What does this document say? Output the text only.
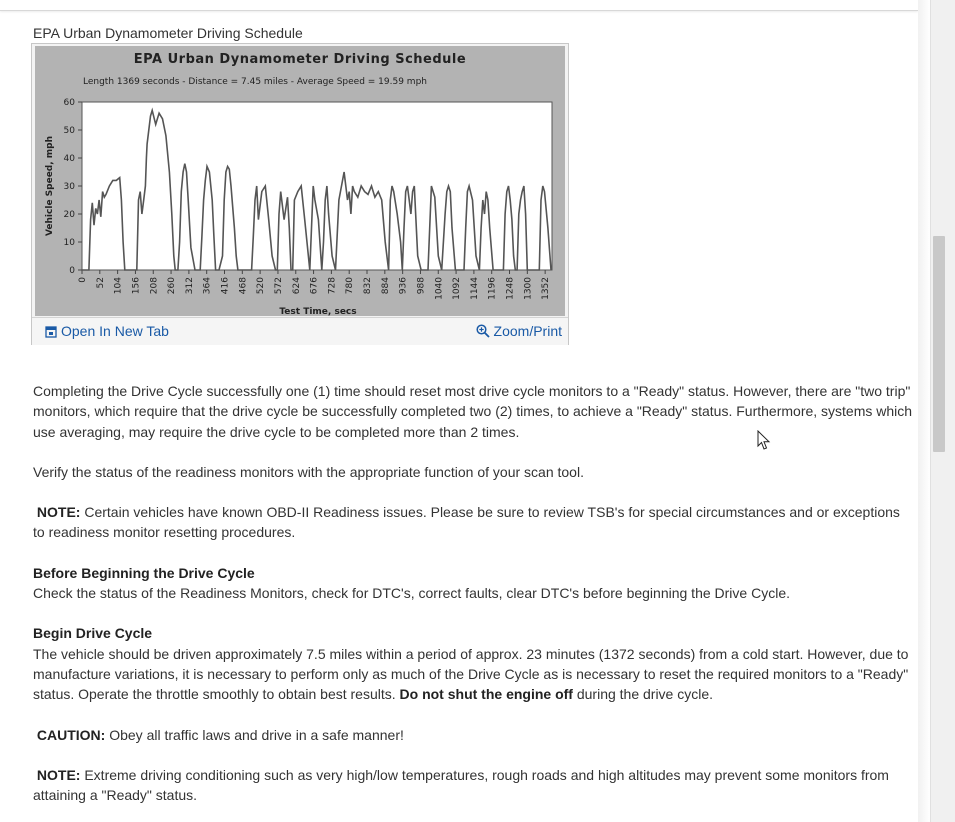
EPA Urban Dynamometer Driving Schedule
EPA Urban Dynamometer Driving Schedule
Length 1369 seconds - Distance = 7.45 miles - Average Speed = 19.59 mph
0
10
20
30
40
50
60
0 52 104 156 208 260 312 364 416 468 520 572 624 676 728 780 832 884 936 988 1040 1092 1144 1196 1248 1300 1352
Vehicle Speed, mph
Test Time, secs
Open In New Tab	Zoom/Print

Completing the Drive Cycle successfully one (1) time should reset most drive cycle monitors to a "Ready" status. However, there are "two trip" monitors, which require that the drive cycle be successfully completed two (2) times, to achieve a "Ready" status. Furthermore, systems which use averaging, may require the drive cycle to be completed more than 2 times.

Verify the status of the readiness monitors with the appropriate function of your scan tool.

NOTE: Certain vehicles have known OBD-II Readiness issues. Please be sure to review TSB's for special circumstances and or exceptions to readiness monitor resetting procedures.

Before Beginning the Drive Cycle
Check the status of the Readiness Monitors, check for DTC's, correct faults, clear DTC's before beginning the Drive Cycle.

Begin Drive Cycle
The vehicle should be driven approximately 7.5 miles within a period of approx. 23 minutes (1372 seconds) from a cold start. However, due to manufacture variations, it is necessary to perform only as much of the Drive Cycle as is necessary to reset the required monitors to a "Ready" status. Operate the throttle smoothly to obtain best results. Do not shut the engine off during the drive cycle.

CAUTION: Obey all traffic laws and drive in a safe manner!

NOTE: Extreme driving conditioning such as very high/low temperatures, rough roads and high altitudes may prevent some monitors from attaining a "Ready" status.
